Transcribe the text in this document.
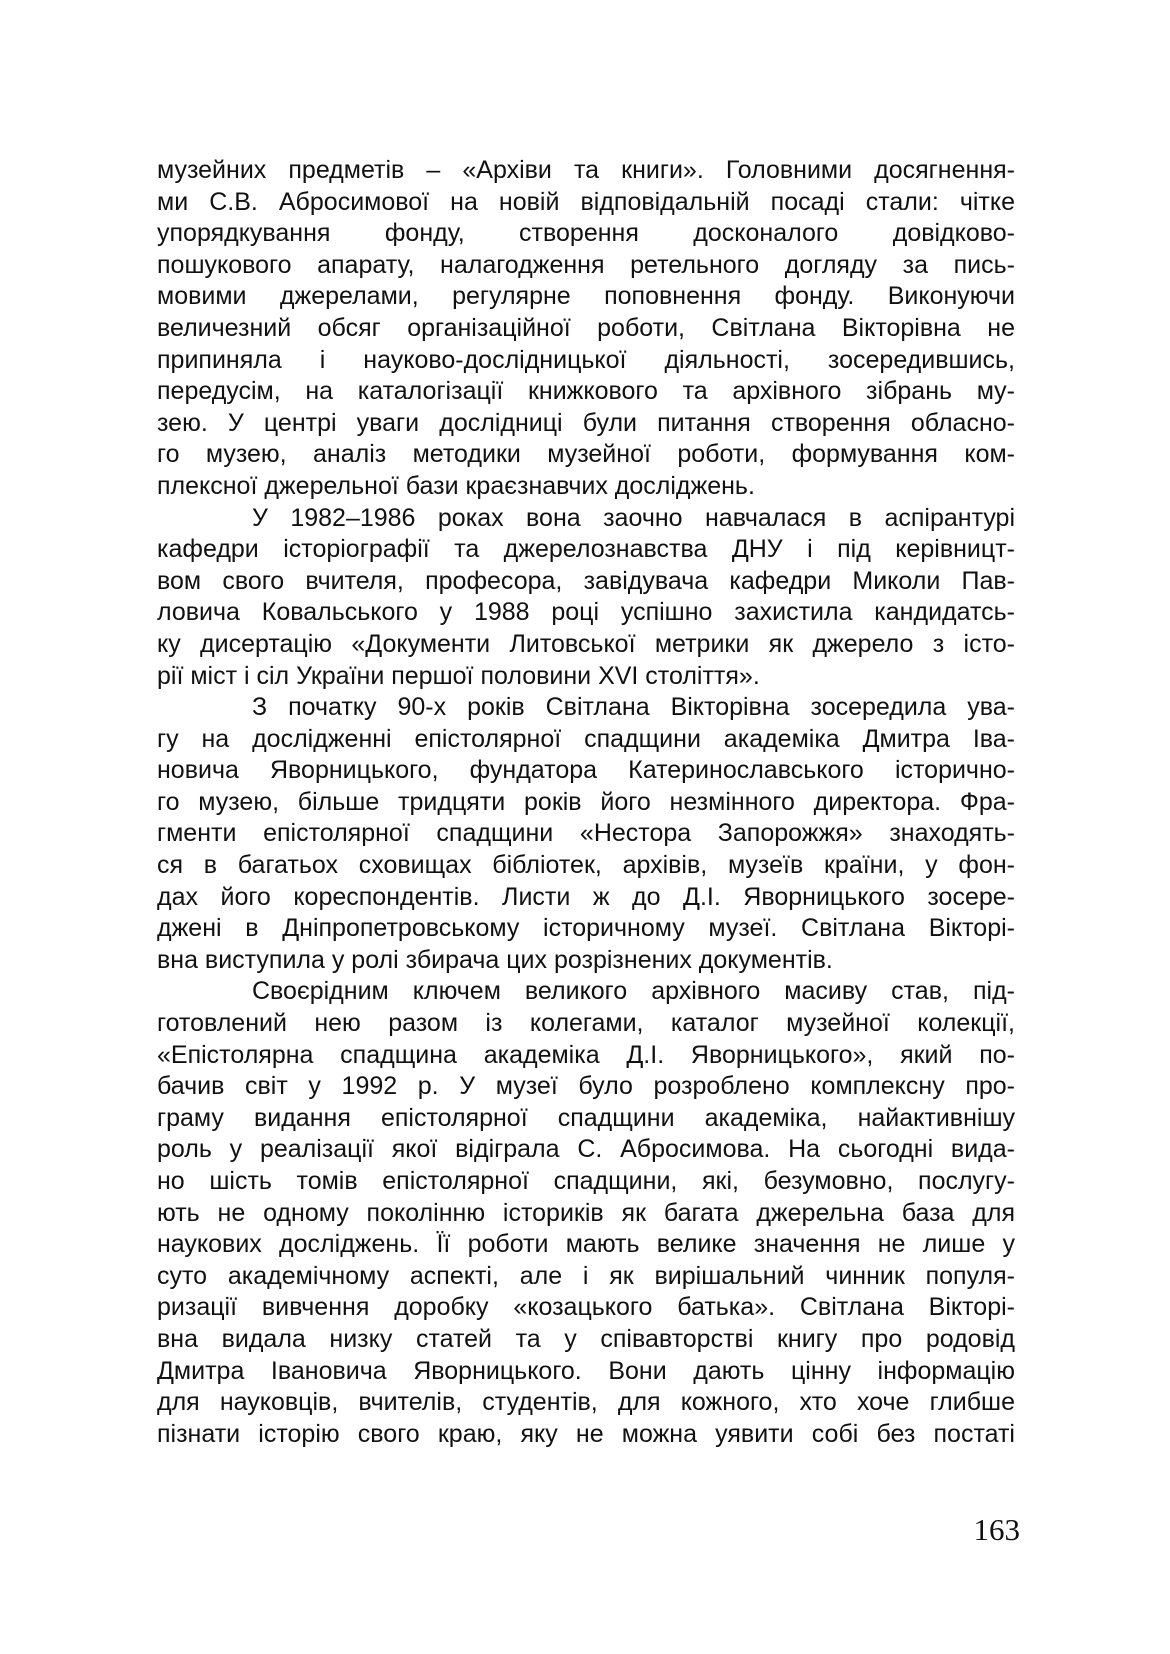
музейних предметів – «Архіви та книги». Головними досягнення-
ми С.В. Абросимової на новій відповідальній посаді стали: чітке
упорядкування фонду, створення досконалого довідково-
пошукового апарату, налагодження ретельного догляду за пись-
мовими джерелами, регулярне поповнення фонду. Виконуючи
величезний обсяг організаційної роботи, Світлана Вікторівна не
припиняла і науково-дослідницької діяльності, зосередившись,
передусім, на каталогізації книжкового та архівного зібрань му-
зею. У центрі уваги дослідниці були питання створення обласно-
го музею, аналіз методики музейної роботи, формування ком-
плексної джерельної бази краєзнавчих досліджень.
У 1982–1986 роках вона заочно навчалася в аспірантурі
кафедри історіографії та джерелознавства ДНУ і під керівницт-
вом свого вчителя, професора, завідувача кафедри Миколи Пав-
ловича Ковальського у 1988 році успішно захистила кандидатсь-
ку дисертацію «Документи Литовської метрики як джерело з істо-
рії міст і сіл України першої половини XVI століття».
З початку 90-х років Світлана Вікторівна зосередила ува-
гу на дослідженні епістолярної спадщини академіка Дмитра Іва-
новича Яворницького, фундатора Катеринославського історично-
го музею, більше тридцяти років його незмінного директора. Фра-
гменти епістолярної спадщини «Нестора Запорожжя» знаходять-
ся в багатьох сховищах бібліотек, архівів, музеїв країни, у фон-
дах його кореспондентів. Листи ж до Д.І. Яворницького зосере-
джені в Дніпропетровському історичному музеї. Світлана Вікторі-
вна виступила у ролі збирача цих розрізнених документів.
Своєрідним ключем великого архівного масиву став, під-
готовлений нею разом із колегами, каталог музейної колекції,
«Епістолярна спадщина академіка Д.І. Яворницького», який по-
бачив світ у 1992 р. У музеї було розроблено комплексну про-
граму видання епістолярної спадщини академіка, найактивнішу
роль у реалізації якої відіграла С. Абросимова. На сьогодні вида-
но шість томів епістолярної спадщини, які, безумовно, послугу-
ють не одному поколінню істориків як багата джерельна база для
наукових досліджень. Її роботи мають велике значення не лише у
суто академічному аспекті, але і як вирішальний чинник популя-
ризації вивчення доробку «козацького батька». Світлана Вікторі-
вна видала низку статей та у співавторстві книгу про родовід
Дмитра Івановича Яворницького. Вони дають цінну інформацію
для науковців, вчителів, студентів, для кожного, хто хоче глибше
пізнати історію свого краю, яку не можна уявити собі без постаті
163
